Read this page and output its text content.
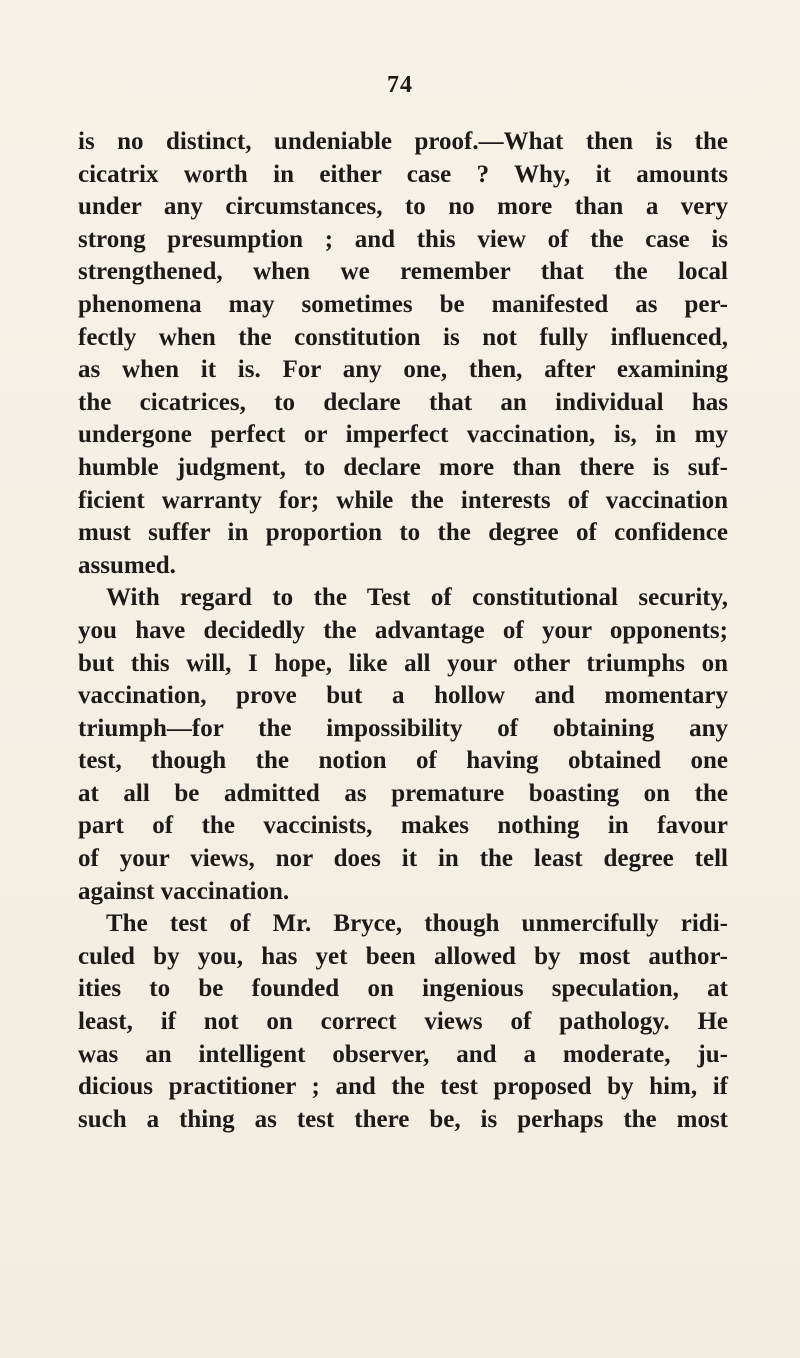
74
is no distinct, undeniable proof.—What then is the
cicatrix worth in either case ? Why, it amounts
under any circumstances, to no more than a very
strong presumption ; and this view of the case is
strengthened, when we remember that the local
phenomena may sometimes be manifested as per-
fectly when the constitution is not fully influenced,
as when it is. For any one, then, after examining
the cicatrices, to declare that an individual has
undergone perfect or imperfect vaccination, is, in my
humble judgment, to declare more than there is suf-
ficient warranty for; while the interests of vaccination
must suffer in proportion to the degree of confidence
assumed.
With regard to the Test of constitutional security,
you have decidedly the advantage of your opponents;
but this will, I hope, like all your other triumphs on
vaccination, prove but a hollow and momentary
triumph—for the impossibility of obtaining any
test, though the notion of having obtained one
at all be admitted as premature boasting on the
part of the vaccinists, makes nothing in favour
of your views, nor does it in the least degree tell
against vaccination.
The test of Mr. Bryce, though unmercifully ridi-
culed by you, has yet been allowed by most author-
ities to be founded on ingenious speculation, at
least, if not on correct views of pathology. He
was an intelligent observer, and a moderate, ju-
dicious practitioner ; and the test proposed by him, if
such a thing as test there be, is perhaps the most
